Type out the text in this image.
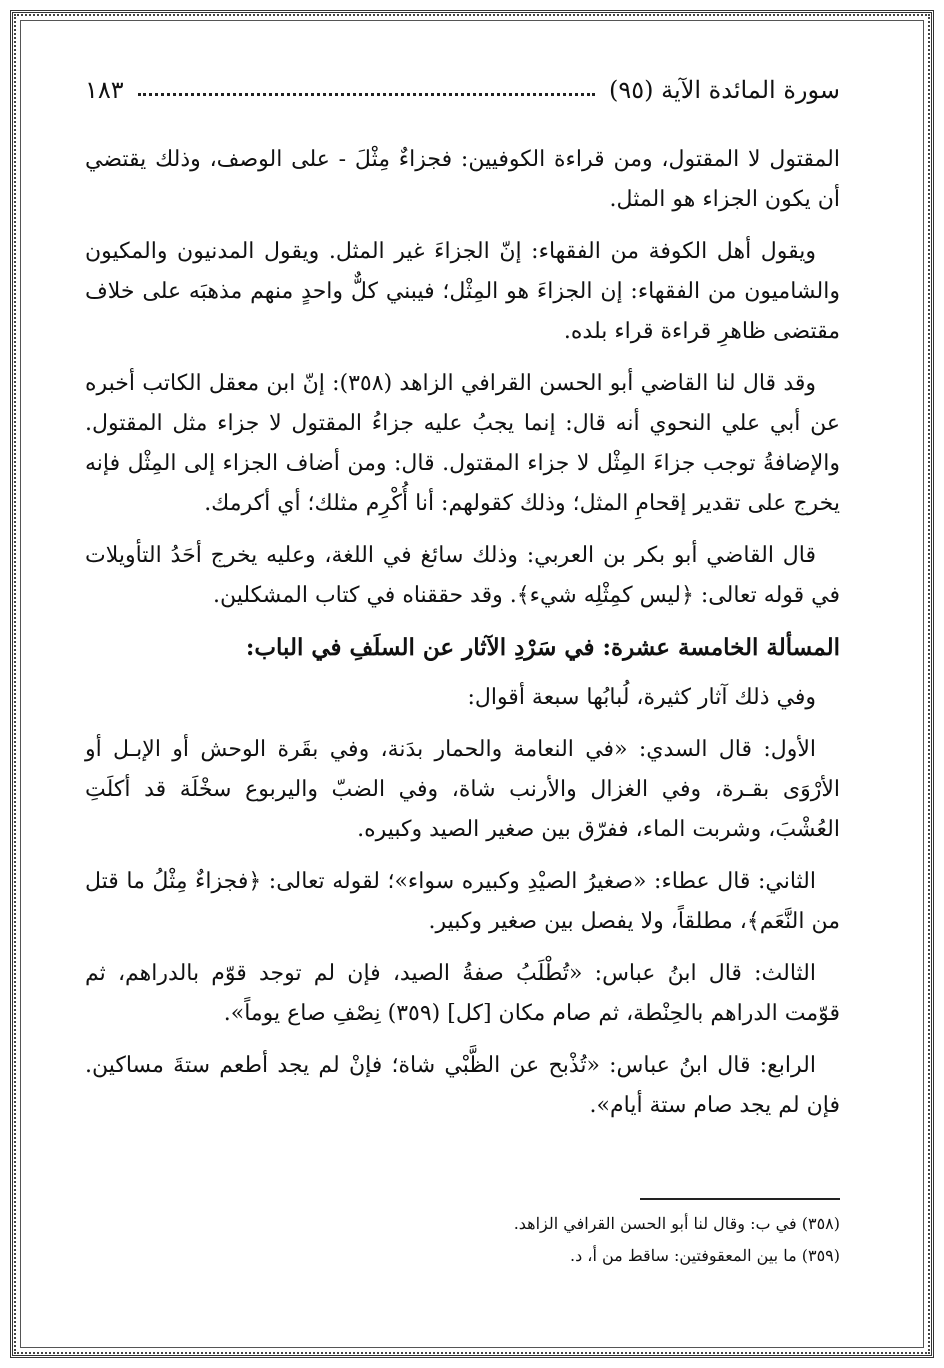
سورة المائدة الآية (٩٥)
١٨٣

المقتول لا المقتول، ومن قراءة الكوفيين: فجزاءٌ مِثْلَ - على الوصف، وذلك يقتضي أن يكون الجزاء هو المثل.

ويقول أهل الكوفة من الفقهاء: إنّ الجزاءَ غير المثل. ويقول المدنيون والمكيون والشاميون من الفقهاء: إن الجزاءَ هو المِثْل؛ فيبني كلٌّ واحدٍ منهم مذهبَه على خلاف مقتضى ظاهرِ قراءة قراء بلده.

وقد قال لنا القاضي أبو الحسن القرافي الزاهد (٣٥٨): إنّ ابن معقل الكاتب أخبره عن أبي علي النحوي أنه قال: إنما يجبُ عليه جزاءُ المقتول لا جزاء مثل المقتول. والإضافةُ توجب جزاءَ المِثْل لا جزاء المقتول. قال: ومن أضاف الجزاء إلى المِثْل فإنه يخرج على تقدير إقحامِ المثل؛ وذلك كقولهم: أنا أُكْرِم مثلك؛ أي أكرمك.

قال القاضي أبو بكر بن العربي: وذلك سائغ في اللغة، وعليه يخرج أحَدُ التأويلات في قوله تعالى: ﴿ليس كمِثْلِه شيء﴾. وقد حققناه في كتاب المشكلين.

المسألة الخامسة عشرة: في سَرْدِ الآثار عن السلَفِ في الباب:

وفي ذلك آثار كثيرة، لُبابُها سبعة أقوال:

الأول: قال السدي: «في النعامة والحمار بدَنة، وفي بقَرة الوحش أو الإبـل أو الأرْوَى بقـرة، وفي الغزال والأرنب شاة، وفي الضبّ واليربوع سخْلَة قد أكلَتِ العُشْبَ، وشربت الماء، ففرّق بين صغير الصيد وكبيره.

الثاني: قال عطاء: «صغيرُ الصيْدِ وكبيره سواء»؛ لقوله تعالى: ﴿فجزاءٌ مِثْلُ ما قتل من النَّعَم﴾، مطلقاً، ولا يفصل بين صغير وكبير.

الثالث: قال ابنُ عباس: «تُطْلَبُ صفةُ الصيد، فإن لم توجد قوّم بالدراهم، ثم قوّمت الدراهم بالحِنْطة، ثم صام مكان [كل] (٣٥٩) نِصْفِ صاع يوماً».

الرابع: قال ابنُ عباس: «تُذْبح عن الظَّبْي شاة؛ فإنْ لم يجد أطعم ستةَ مساكين. فإن لم يجد صام ستة أيام».

(٣٥٨) في ب: وقال لنا أبو الحسن القرافي الزاهد.

(٣٥٩) ما بين المعقوفتين: ساقط من أ، د.
